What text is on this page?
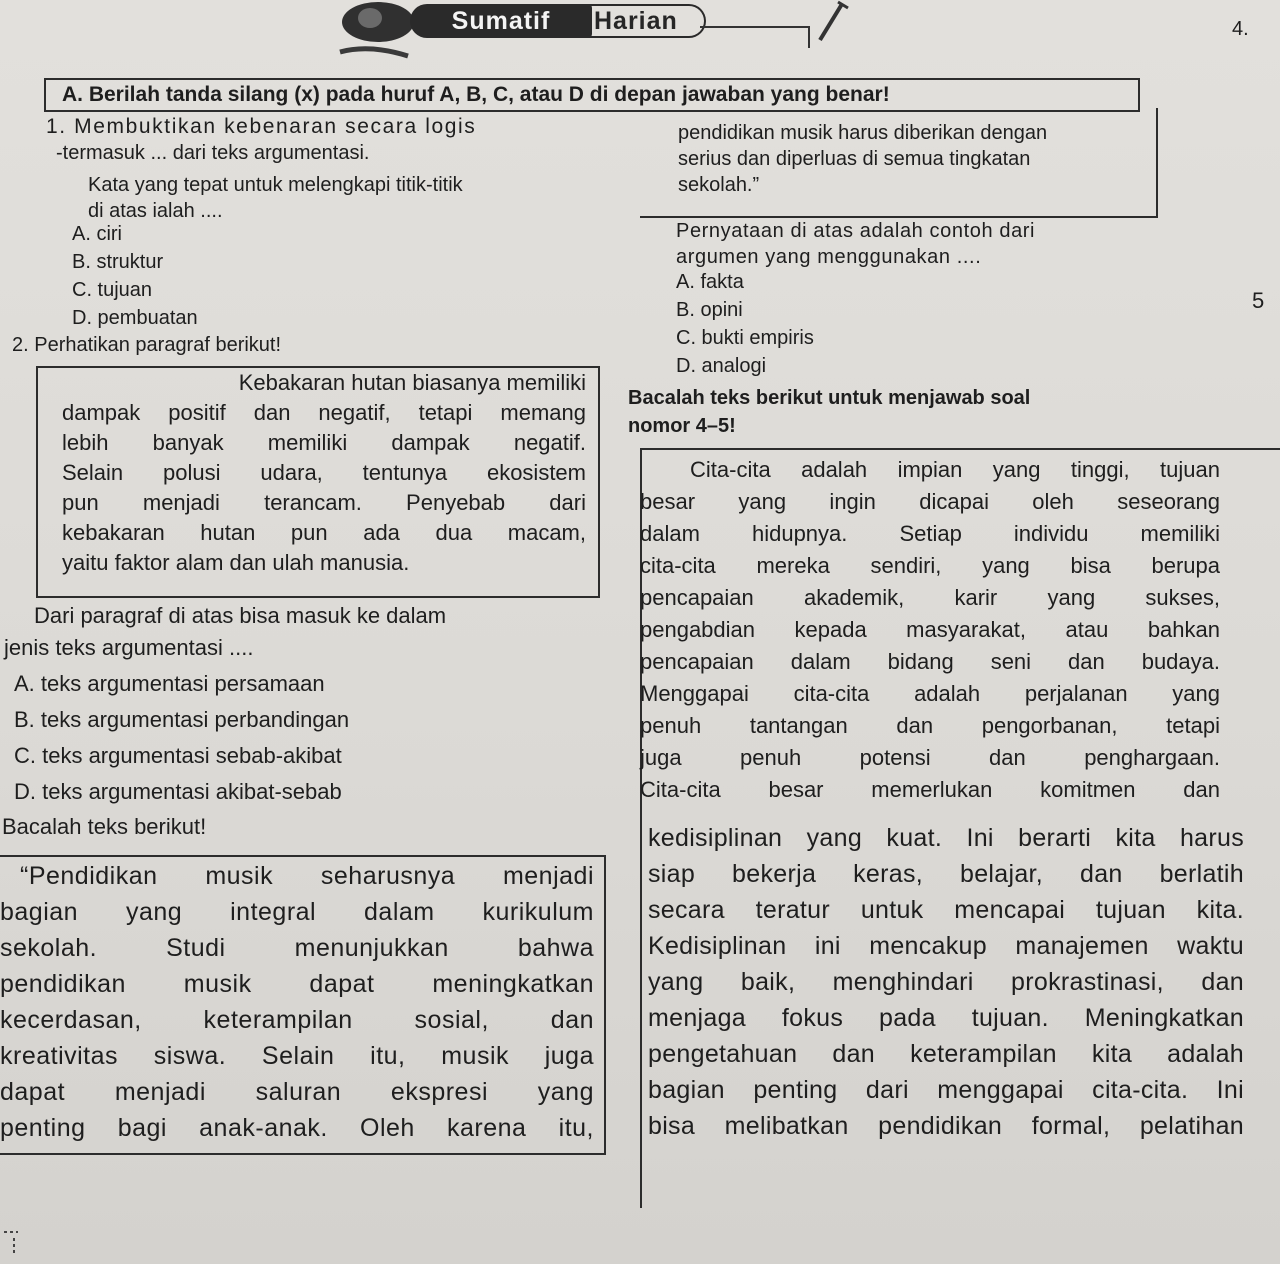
Sumatif	Harian	4.
A. Berilah tanda silang (x) pada huruf A, B, C, atau D di depan jawaban yang benar!
1. Membuktikan kebenaran secara logis
-termasuk ... dari teks argumentasi.
Kata yang tepat untuk melengkapi titik-titik
di atas ialah ....
A. ciri
B. struktur
C. tujuan
D. pembuatan
2. Perhatikan paragraf berikut!
Kebakaran hutan biasanya memiliki
dampak positif dan negatif, tetapi memang
lebih banyak memiliki dampak negatif.
Selain polusi udara, tentunya ekosistem
pun menjadi terancam. Penyebab dari
kebakaran hutan pun ada dua macam,
yaitu faktor alam dan ulah manusia.
Dari paragraf di atas bisa masuk ke dalam
jenis teks argumentasi ....
A. teks argumentasi persamaan
B. teks argumentasi perbandingan
C. teks argumentasi sebab-akibat
D. teks argumentasi akibat-sebab
Bacalah teks berikut!
“Pendidikan musik seharusnya menjadi
bagian yang integral dalam kurikulum
sekolah. Studi menunjukkan bahwa
pendidikan musik dapat meningkatkan
kecerdasan, keterampilan sosial, dan
kreativitas siswa. Selain itu, musik juga
dapat menjadi saluran ekspresi yang
penting bagi anak-anak. Oleh karena itu,
pendidikan musik harus diberikan dengan
serius dan diperluas di semua tingkatan
sekolah.”
Pernyataan di atas adalah contoh dari
argumen yang menggunakan ....
A. fakta
B. opini
C. bukti empiris
D. analogi
5
Bacalah teks berikut untuk menjawab soal
nomor 4–5!
Cita-cita adalah impian yang tinggi, tujuan
besar yang ingin dicapai oleh seseorang
dalam hidupnya. Setiap individu memiliki
cita-cita mereka sendiri, yang bisa berupa
pencapaian akademik, karir yang sukses,
pengabdian kepada masyarakat, atau bahkan
pencapaian dalam bidang seni dan budaya.
Menggapai cita-cita adalah perjalanan yang
penuh tantangan dan pengorbanan, tetapi
juga penuh potensi dan penghargaan.
Cita-cita besar memerlukan komitmen dan
kedisiplinan yang kuat. Ini berarti kita harus
siap bekerja keras, belajar, dan berlatih
secara teratur untuk mencapai tujuan kita.
Kedisiplinan ini mencakup manajemen waktu
yang baik, menghindari prokrastinasi, dan
menjaga fokus pada tujuan. Meningkatkan
pengetahuan dan keterampilan kita adalah
bagian penting dari menggapai cita-cita. Ini
bisa melibatkan pendidikan formal, pelatihan
